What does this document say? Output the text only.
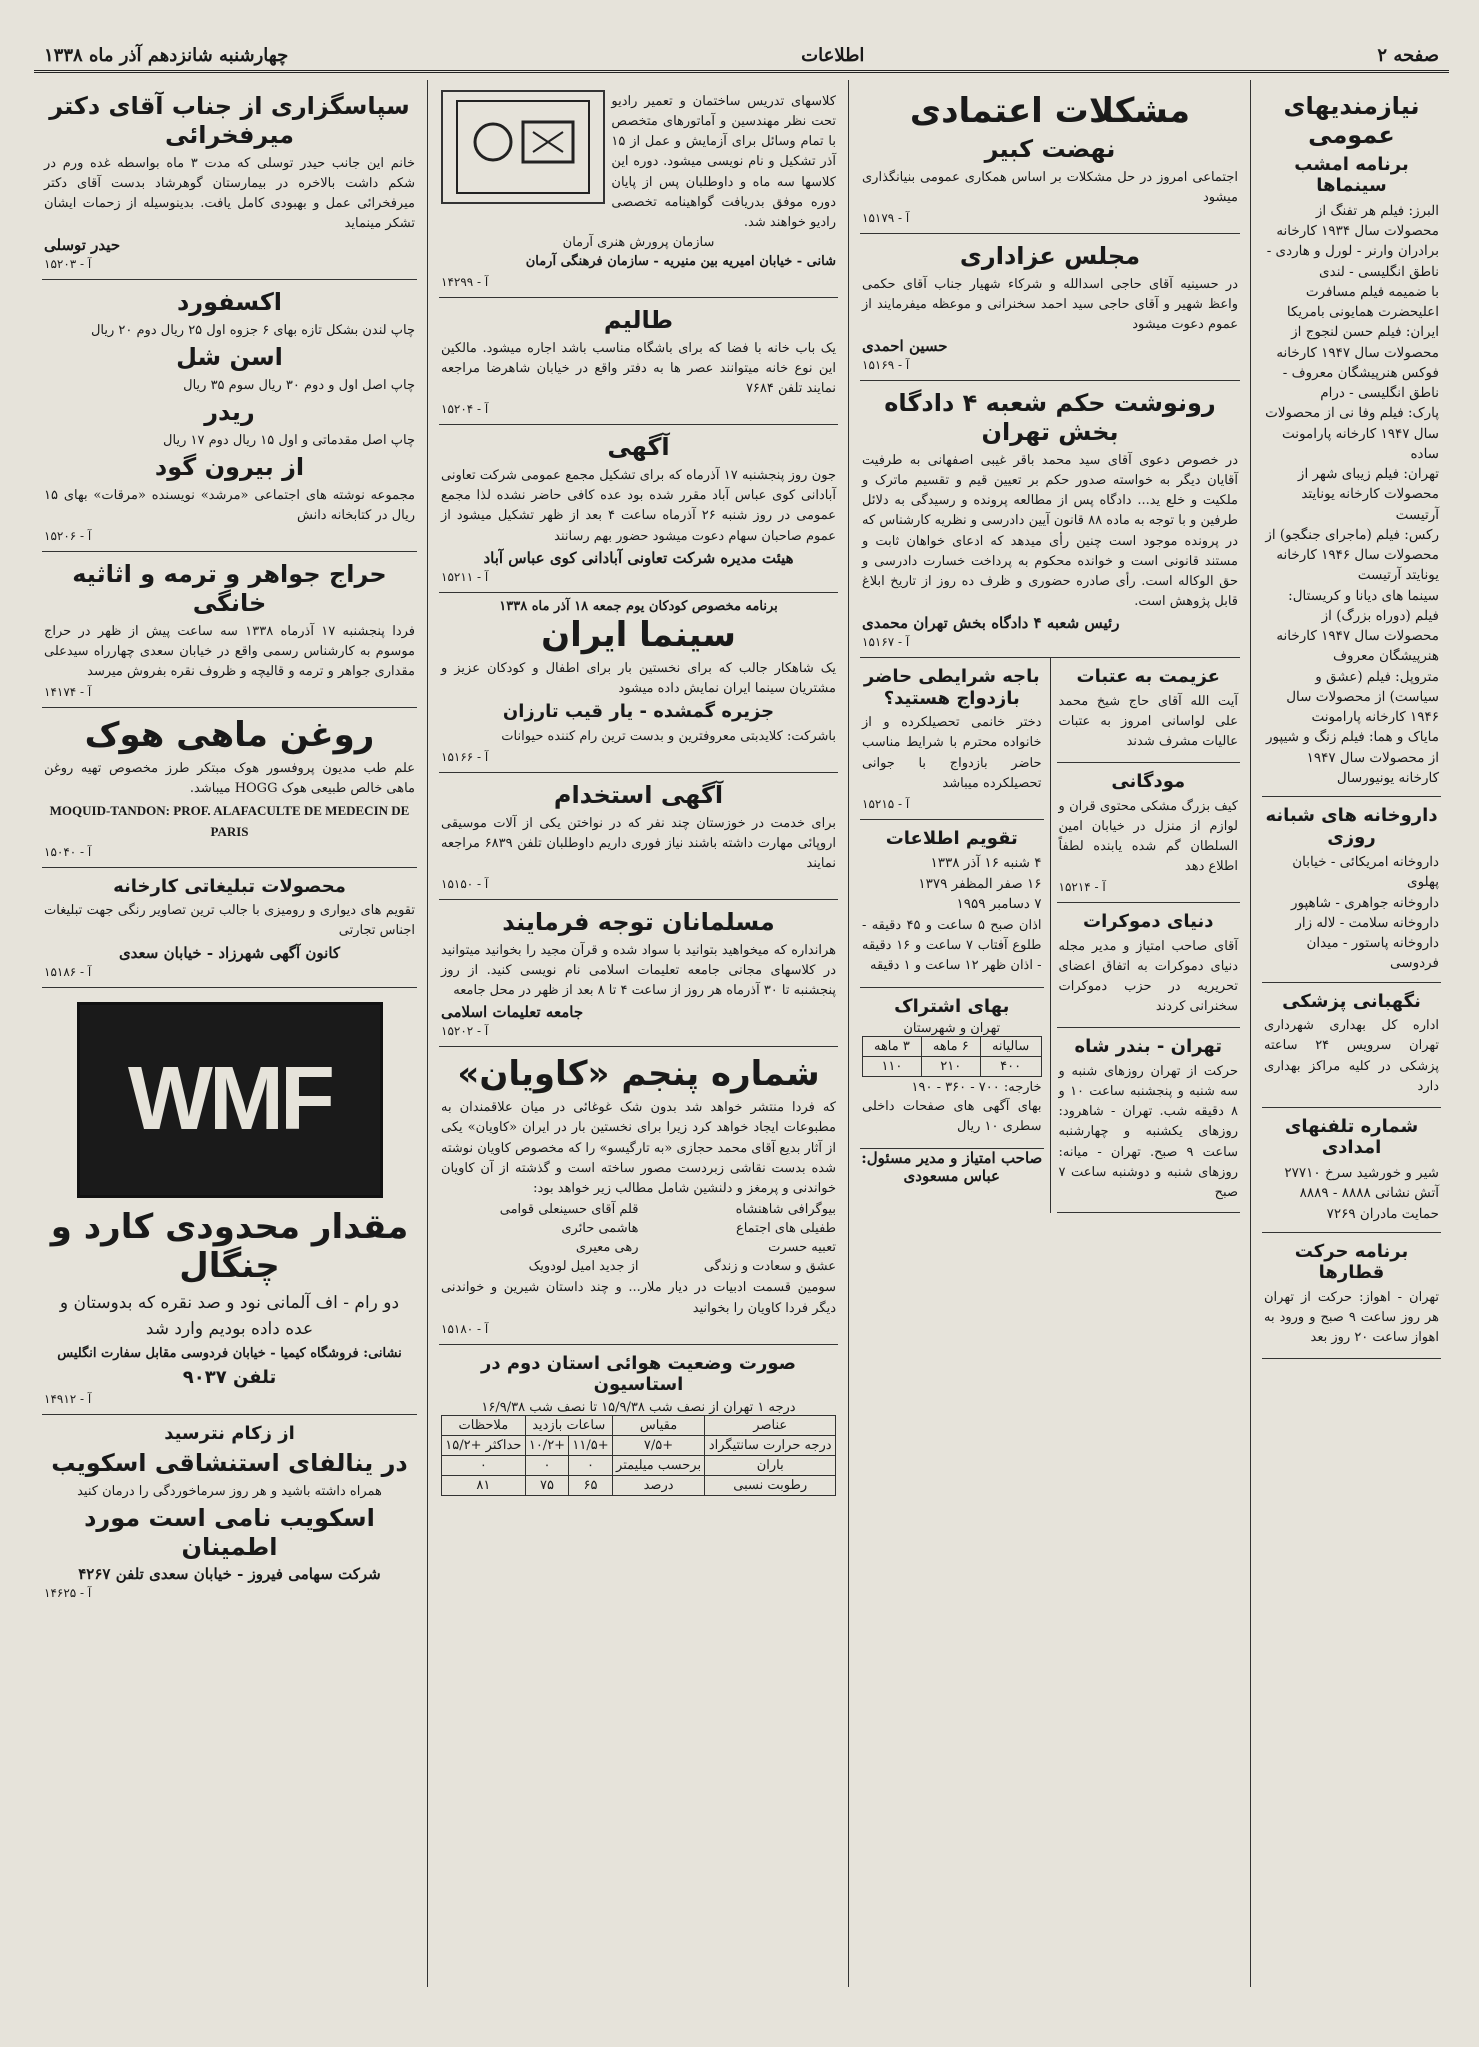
صفحه ۲
اطلاعات
چهارشنبه شانزدهم آذر ماه ۱۳۳۸
نیازمندیهای عمومی
برنامه امشب سینماها
البرز: فیلم هر تفنگ از محصولات سال ۱۹۳۴ کارخانه برادران وارنر - لورل و هاردی - ناطق انگلیسی - لندی
با ضمیمه فیلم مسافرت اعلیحضرت همایونی بامریکا
ایران: فیلم حسن لنجوج از محصولات سال ۱۹۴۷ کارخانه فوکس هنرپیشگان معروف - ناطق انگلیسی - درام
پارک: فیلم وفا نی از محصولات سال ۱۹۴۷ کارخانه پارامونت ساده
تهران: فیلم زیبای شهر از محصولات کارخانه یونایتد آرتیست
رکس: فیلم (ماجرای جنگجو) از محصولات سال ۱۹۴۶ کارخانه یونایتد آرتیست
سینما های دیانا و کریستال: فیلم (دوراه بزرگ) از محصولات سال ۱۹۴۷ کارخانه هنرپیشگان معروف
متروپل: فیلم (عشق و سیاست) از محصولات سال ۱۹۴۶ کارخانه پارامونت
مایاک و هما: فیلم زنگ و شیپور از محصولات سال ۱۹۴۷ کارخانه یونیورسال
داروخانه های شبانه روزی
داروخانه امریکائی - خیابان پهلوی
داروخانه جواهری - شاهپور
داروخانه سلامت - لاله زار
داروخانه پاستور - میدان فردوسی
نگهبانی پزشکی

اداره کل بهداری شهرداری تهران سرویس ۲۴ ساعته پزشکی در کلیه مراکز بهداری دارد

شماره تلفنهای امدادی
شیر و خورشید سرخ ۲۷۷۱۰
آتش نشانی ۸۸۸۸ - ۸۸۸۹
حمایت مادران ۷۲۶۹
برنامه حرکت قطارها

تهران - اهواز: حرکت از تهران هر روز ساعت ۹ صبح و ورود به اهواز ساعت ۲۰ روز بعد

مشکلات اعتمادی
نهضت کبیر

اجتماعی امروز در حل مشکلات بر اساس همکاری عمومی بنیانگذاری میشود

آ - ۱۵۱۷۹
مجلس عزاداری

در حسینیه آقای حاجی اسدالله و شرکاء شهیار جناب آقای حکمی واعظ شهیر و آقای حاجی سید احمد سخنرانی و موعظه میفرمایند از عموم دعوت میشود

حسین احمدی
آ - ۱۵۱۶۹
رونوشت حکم شعبه ۴ دادگاه بخش تهران

در خصوص دعوی آقای سید محمد باقر غیبی اصفهانی به طرفیت آقایان دیگر به خواسته صدور حکم بر تعیین قیم و تقسیم ماترک و ملکیت و خلع ید... دادگاه پس از مطالعه پرونده و رسیدگی به دلائل طرفین و با توجه به ماده ۸۸ قانون آیین دادرسی و نظریه کارشناس که در پرونده موجود است چنین رأی میدهد که ادعای خواهان ثابت و مستند قانونی است و خوانده محکوم به پرداخت خسارت دادرسی و حق الوکاله است. رأی صادره حضوری و ظرف ده روز از تاریخ ابلاغ قابل پژوهش است.

رئیس شعبه ۴ دادگاه بخش تهران محمدی
آ - ۱۵۱۶۷
عزیمت به عتبات

آیت الله آقای حاج شیخ محمد علی لواسانی امروز به عتبات عالیات مشرف شدند

مودگانی

کیف بزرگ مشکی محتوی قران و لوازم از منزل در خیابان امین السلطان گم شده یابنده لطفاً اطلاع دهد

آ - ۱۵۲۱۴
دنیای دموکرات

آقای صاحب امتیاز و مدیر مجله دنیای دموکرات به اتفاق اعضای تحریریه در حزب دموکرات سخنرانی کردند

تهران - بندر شاه

حرکت از تهران روزهای شنبه و سه شنبه و پنجشنبه ساعت ۱۰ و ۸ دقیقه شب. تهران - شاهرود: روزهای یکشنبه و چهارشنبه ساعت ۹ صبح. تهران - میانه: روزهای شنبه و دوشنبه ساعت ۷ صبح

باجه شرایطی حاضر بازدواج هستید؟

دختر خانمی تحصیلکرده و از خانواده محترم با شرایط مناسب حاضر بازدواج با جوانی تحصیلکرده میباشد

آ - ۱۵۲۱۵
تقویم اطلاعات
۴ شنبه ۱۶ آذر ۱۳۳۸
۱۶ صفر المظفر ۱۳۷۹
۷ دسامبر ۱۹۵۹

اذان صبح ۵ ساعت و ۴۵ دقیقه - طلوع آفتاب ۷ ساعت و ۱۶ دقیقه - اذان ظهر ۱۲ ساعت و ۱ دقیقه

بهای اشتراک
تهران و شهرستان
سالیانه	۶ ماهه	۳ ماهه
۴۰۰	۲۱۰	۱۱۰
خارجه: ۷۰۰ - ۳۶۰ - ۱۹۰

بهای آگهی های صفحات داخلی سطری ۱۰ ریال

صاحب امتیاز و مدیر مسئول: عباس مسعودی

کلاسهای تدریس ساختمان و تعمیر رادیو تحت نظر مهندسین و آماتورهای متخصص با تمام وسائل برای آزمایش و عمل از ۱۵ آذر تشکیل و نام نویسی میشود. دوره این کلاسها سه ماه و داوطلبان پس از پایان دوره موفق بدریافت گواهینامه تخصصی رادیو خواهند شد.

سازمان پرورش هنری آرمان

شانی - خیابان امیریه بین منیریه - سازمان فرهنگی آرمان

آ - ۱۴۲۹۹
طالیم

یک باب خانه با فضا که برای باشگاه مناسب باشد اجاره میشود. مالکین این نوع خانه میتوانند عصر ها به دفتر واقع در خیابان شاهرضا مراجعه نمایند تلفن ۷۶۸۴

آ - ۱۵۲۰۴
آگهی

جون روز پنجشنبه ۱۷ آذرماه که برای تشکیل مجمع عمومی شرکت تعاونی آبادانی کوی عباس آباد مقرر شده بود عده کافی حاضر نشده لذا مجمع عمومی در روز شنبه ۲۶ آذرماه ساعت ۴ بعد از ظهر تشکیل میشود از عموم صاحبان سهام دعوت میشود حضور بهم رسانند

هیئت مدیره شرکت تعاونی آبادانی کوی عباس آباد
آ - ۱۵۲۱۱
برنامه مخصوص کودکان یوم جمعه ۱۸ آذر ماه ۱۳۳۸
سینما ایران

یک شاهکار جالب که برای نخستین بار برای اطفال و کودکان عزیز و مشتریان سینما ایران نمایش داده میشود

جزیره گمشده - یار قیب تارزان

باشرکت: کلایدبتی معروفترین و بدست ترین رام کننده حیوانات

آ - ۱۵۱۶۶
آگهی استخدام

برای خدمت در خوزستان چند نفر که در نواختن یکی از آلات موسیقی اروپائی مهارت داشته باشند نیاز فوری داریم داوطلبان تلفن ۶۸۳۹ مراجعه نمایند

آ - ۱۵۱۵۰
مسلمانان توجه فرمایند

هرانداره که میخواهید بتوانید با سواد شده و قرآن مجید را بخوانید میتوانید در کلاسهای مجانی جامعه تعلیمات اسلامی نام نویسی کنید. از روز پنجشنبه تا ۳۰ آذرماه هر روز از ساعت ۴ تا ۸ بعد از ظهر در محل جامعه

جامعه تعلیمات اسلامی
آ - ۱۵۲۰۲
شماره پنجم «کاویان»

که فردا منتشر خواهد شد بدون شک غوغائی در میان علاقمندان به مطبوعات ایجاد خواهد کرد زیرا برای نخستین بار در ایران «کاویان» یکی از آثار بدیع آقای محمد حجازی «به تارگیسو» را که مخصوص کاویان نوشته شده بدست نقاشی زبردست مصور ساخته است و گذشته از آن کاویان خواندنی و پرمغز و دلنشین شامل مطالب زیر خواهد بود:

بیوگرافی شاهنشاه
قلم آقای حسینعلی قوامی
طفیلی های اجتماع
هاشمی حائری
تعبیه حسرت
رهی معیری
عشق و سعادت و زندگی
از جدید امیل لودویک

سومین قسمت ادبیات در دیار ملار... و چند داستان شیرین و خواندنی دیگر فردا کاویان را بخوانید

آ - ۱۵۱۸۰
صورت وضعیت هوائی استان دوم در استاسیون
درجه ۱ تهران از نصف شب ۱۵/۹/۳۸ تا نصف شب ۱۶/۹/۳۸
عناصر	مقیاس	ساعات بازدید		ملاحظات
درجه حرارت سانتیگراد	+۷/۵	+۱۱/۵	+۱۰/۲	حداکثر +۱۵/۲
باران	برحسب میلیمتر	۰	۰	۰
رطوبت نسبی	درصد	۶۵	۷۵	۸۱
سپاسگزاری از جناب آقای دکتر میرفخرائی

خانم این جانب حیدر توسلی که مدت ۳ ماه بواسطه غده ورم در شکم داشت بالاخره در بیمارستان گوهرشاد بدست آقای دکتر میرفخرائی عمل و بهبودی کامل یافت. بدینوسیله از زحمات ایشان تشکر مینماید

حیدر توسلی
آ - ۱۵۲۰۳
اکسفورد

چاپ لندن بشکل تازه بهای ۶ جزوه اول ۲۵ ریال دوم ۲۰ ریال

اسن شل

چاپ اصل اول و دوم ۳۰ ریال سوم ۳۵ ریال

ریدر

چاپ اصل مقدماتی و اول ۱۵ ریال دوم ۱۷ ریال

از بیرون گود

مجموعه نوشته های اجتماعی «مرشد» نویسنده «مرقات» بهای ۱۵ ریال در کتابخانه دانش

آ - ۱۵۲۰۶
حراج جواهر و ترمه و اثاثیه خانگی

فردا پنجشنبه ۱۷ آذرماه ۱۳۳۸ سه ساعت پیش از ظهر در حراج موسوم به کارشناس رسمی واقع در خیابان سعدی چهارراه سیدعلی مقداری جواهر و ترمه و قالیچه و ظروف نقره بفروش میرسد

آ - ۱۴۱۷۴
روغن ماهی هوک

علم طب مدیون پروفسور هوک مبتکر طرز مخصوص تهیه روغن ماهی خالص طبیعی هوک HOGG میباشد.

MOQUID-TANDON: PROF. ALAFACULTE DE MEDECIN DE PARIS

آ - ۱۵۰۴۰
محصولات تبلیغاتی کارخانه

تقویم های دیواری و رومیزی با جالب ترین تصاویر رنگی جهت تبلیغات اجناس تجارتی

کانون آگهی شهرزاد - خیابان سعدی
آ - ۱۵۱۸۶
WMF
مقدار محدودی کارد و چنگال

دو رام - اف آلمانی نود و صد نقره که بدوستان و عده داده بودیم وارد شد

نشانی: فروشگاه کیمیا - خیابان فردوسی مقابل سفارت انگلیس

تلفن ۹۰۳۷
آ - ۱۴۹۱۲
از زکام نترسید
در ینالفای استنشاقی اسکویب

همراه داشته باشید و هر روز سرماخوردگی را درمان کنید

اسکویب نامی است مورد اطمینان
شرکت سهامی فیروز - خیابان سعدی تلفن ۴۲۶۷
آ - ۱۴۶۲۵
